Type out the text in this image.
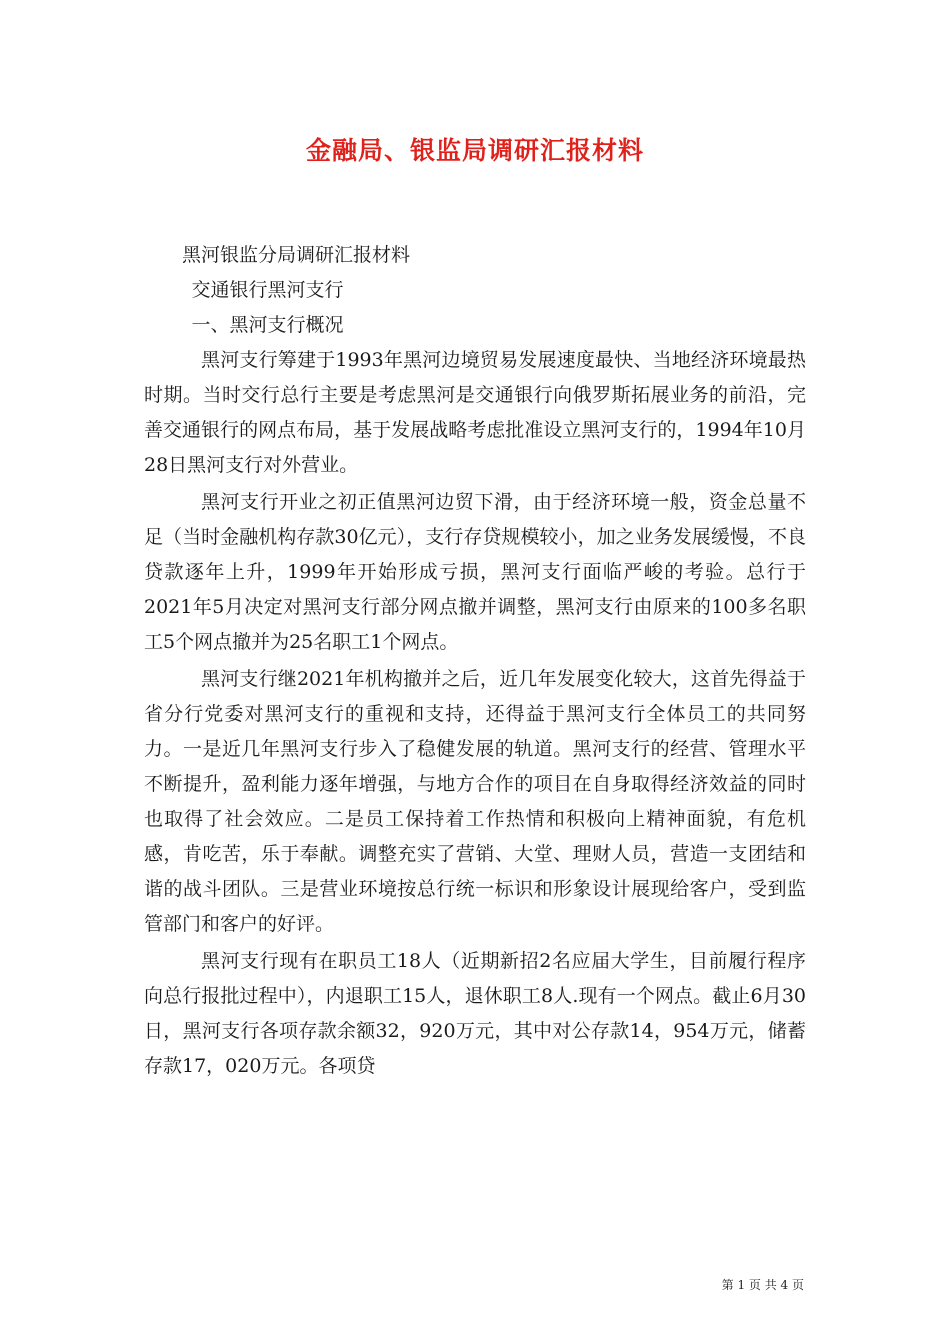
金融局、银监局调研汇报材料

黑河银监分局调研汇报材料

交通银行黑河支行

一、黑河支行概况

黑河支行筹建于1993年黑河边境贸易发展速度最快、当地经济环境最热时期。当时交行总行主要是考虑黑河是交通银行向俄罗斯拓展业务的前沿，完善交通银行的网点布局，基于发展战略考虑批准设立黑河支行的，1994年10月28日黑河支行对外营业。

黑河支行开业之初正值黑河边贸下滑，由于经济环境一般，资金总量不足（当时金融机构存款30亿元），支行存贷规模较小，加之业务发展缓慢，不良贷款逐年上升，1999年开始形成亏损，黑河支行面临严峻的考验。总行于2021年5月决定对黑河支行部分网点撤并调整，黑河支行由原来的100多名职工5个网点撤并为25名职工1个网点。

黑河支行继2021年机构撤并之后，近几年发展变化较大，这首先得益于省分行党委对黑河支行的重视和支持，还得益于黑河支行全体员工的共同努力。一是近几年黑河支行步入了稳健发展的轨道。黑河支行的经营、管理水平不断提升，盈利能力逐年增强，与地方合作的项目在自身取得经济效益的同时也取得了社会效应。二是员工保持着工作热情和积极向上精神面貌，有危机感，肯吃苦，乐于奉献。调整充实了营销、大堂、理财人员，营造一支团结和谐的战斗团队。三是营业环境按总行统一标识和形象设计展现给客户，受到监管部门和客户的好评。

黑河支行现有在职员工18人（近期新招2名应届大学生，目前履行程序向总行报批过程中），内退职工15人，退休职工8人.现有一个网点。截止6月30日，黑河支行各项存款余额32，920万元，其中对公存款14，954万元，储蓄存款17，020万元。各项贷

第 1 页 共 4 页
